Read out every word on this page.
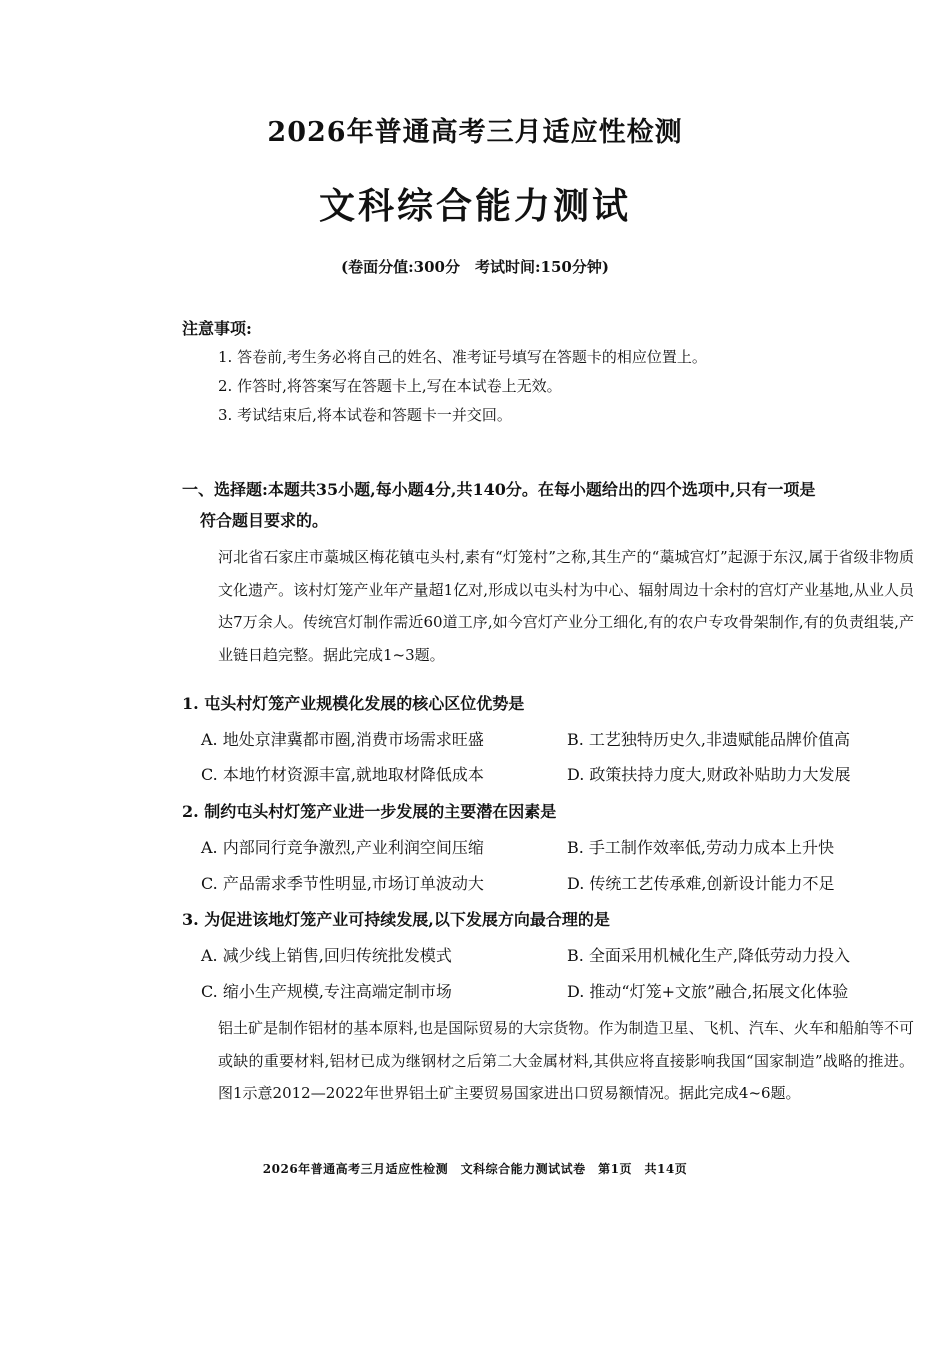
2026年普通高考三月适应性检测
文科综合能力测试
(卷面分值:300分　考试时间:150分钟)
注意事项:
1. 答卷前,考生务必将自己的姓名、准考证号填写在答题卡的相应位置上。
2. 作答时,将答案写在答题卡上,写在本试卷上无效。
3. 考试结束后,将本试卷和答题卡一并交回。
一、选择题:本题共35小题,每小题4分,共140分。在每小题给出的四个选项中,只有一项是
符合题目要求的。
河北省石家庄市藁城区梅花镇屯头村,素有“灯笼村”之称,其生产的“藁城宫灯”起源于东汉,属于省级非物质文化遗产。该村灯笼产业年产量超1亿对,形成以屯头村为中心、辐射周边十余村的宫灯产业基地,从业人员达7万余人。传统宫灯制作需近60道工序,如今宫灯产业分工细化,有的农户专攻骨架制作,有的负责组装,产业链日趋完整。据此完成1~3题。
1. 屯头村灯笼产业规模化发展的核心区位优势是
A. 地处京津冀都市圈,消费市场需求旺盛	B. 工艺独特历史久,非遗赋能品牌价值高
C. 本地竹材资源丰富,就地取材降低成本	D. 政策扶持力度大,财政补贴助力大发展
2. 制约屯头村灯笼产业进一步发展的主要潜在因素是
A. 内部同行竞争激烈,产业利润空间压缩	B. 手工制作效率低,劳动力成本上升快
C. 产品需求季节性明显,市场订单波动大	D. 传统工艺传承难,创新设计能力不足
3. 为促进该地灯笼产业可持续发展,以下发展方向最合理的是
A. 减少线上销售,回归传统批发模式	B. 全面采用机械化生产,降低劳动力投入
C. 缩小生产规模,专注高端定制市场	D. 推动“灯笼+文旅”融合,拓展文化体验
铝土矿是制作铝材的基本原料,也是国际贸易的大宗货物。作为制造卫星、飞机、汽车、火车和船舶等不可或缺的重要材料,铝材已成为继钢材之后第二大金属材料,其供应将直接影响我国“国家制造”战略的推进。图1示意2012—2022年世界铝土矿主要贸易国家进出口贸易额情况。据此完成4~6题。
2026年普通高考三月适应性检测　文科综合能力测试试卷　第1页　共14页
